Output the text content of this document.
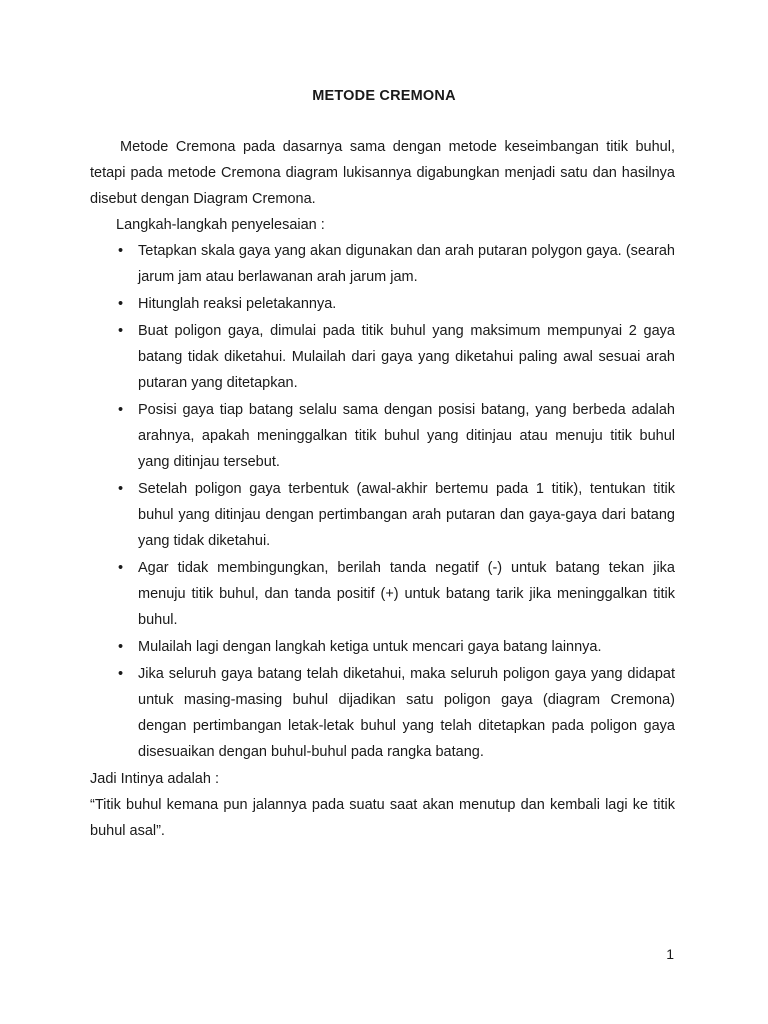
METODE CREMONA

Metode Cremona pada dasarnya sama dengan metode keseimbangan titik buhul, tetapi pada metode Cremona diagram lukisannya digabungkan menjadi satu dan hasilnya disebut dengan Diagram Cremona.

Langkah-langkah penyelesaian :

• Tetapkan skala gaya yang akan digunakan dan arah putaran polygon gaya. (searah jarum jam atau berlawanan arah jarum jam.
• Hitunglah reaksi peletakannya.
• Buat poligon gaya, dimulai pada titik buhul yang maksimum mempunyai 2 gaya batang tidak diketahui. Mulailah dari gaya yang diketahui paling awal sesuai arah putaran yang ditetapkan.
• Posisi gaya tiap batang selalu sama dengan posisi batang, yang berbeda adalah arahnya, apakah meninggalkan titik buhul yang ditinjau atau menuju titik buhul yang ditinjau tersebut.
• Setelah poligon gaya terbentuk (awal-akhir bertemu pada 1 titik), tentukan titik buhul yang ditinjau dengan pertimbangan arah putaran dan gaya-gaya dari batang yang tidak diketahui.
• Agar tidak membingungkan, berilah tanda negatif (-) untuk batang tekan jika menuju titik buhul, dan tanda positif (+) untuk batang tarik jika meninggalkan titik buhul.
• Mulailah lagi dengan langkah ketiga untuk mencari gaya batang lainnya.
• Jika seluruh gaya batang telah diketahui, maka seluruh poligon gaya yang didapat untuk masing-masing buhul dijadikan satu poligon gaya (diagram Cremona) dengan pertimbangan letak-letak buhul yang telah ditetapkan pada poligon gaya disesuaikan dengan buhul-buhul pada rangka batang.

Jadi Intinya adalah :

“Titik buhul kemana pun jalannya pada suatu saat akan menutup dan kembali lagi ke titik buhul asal”.

1
